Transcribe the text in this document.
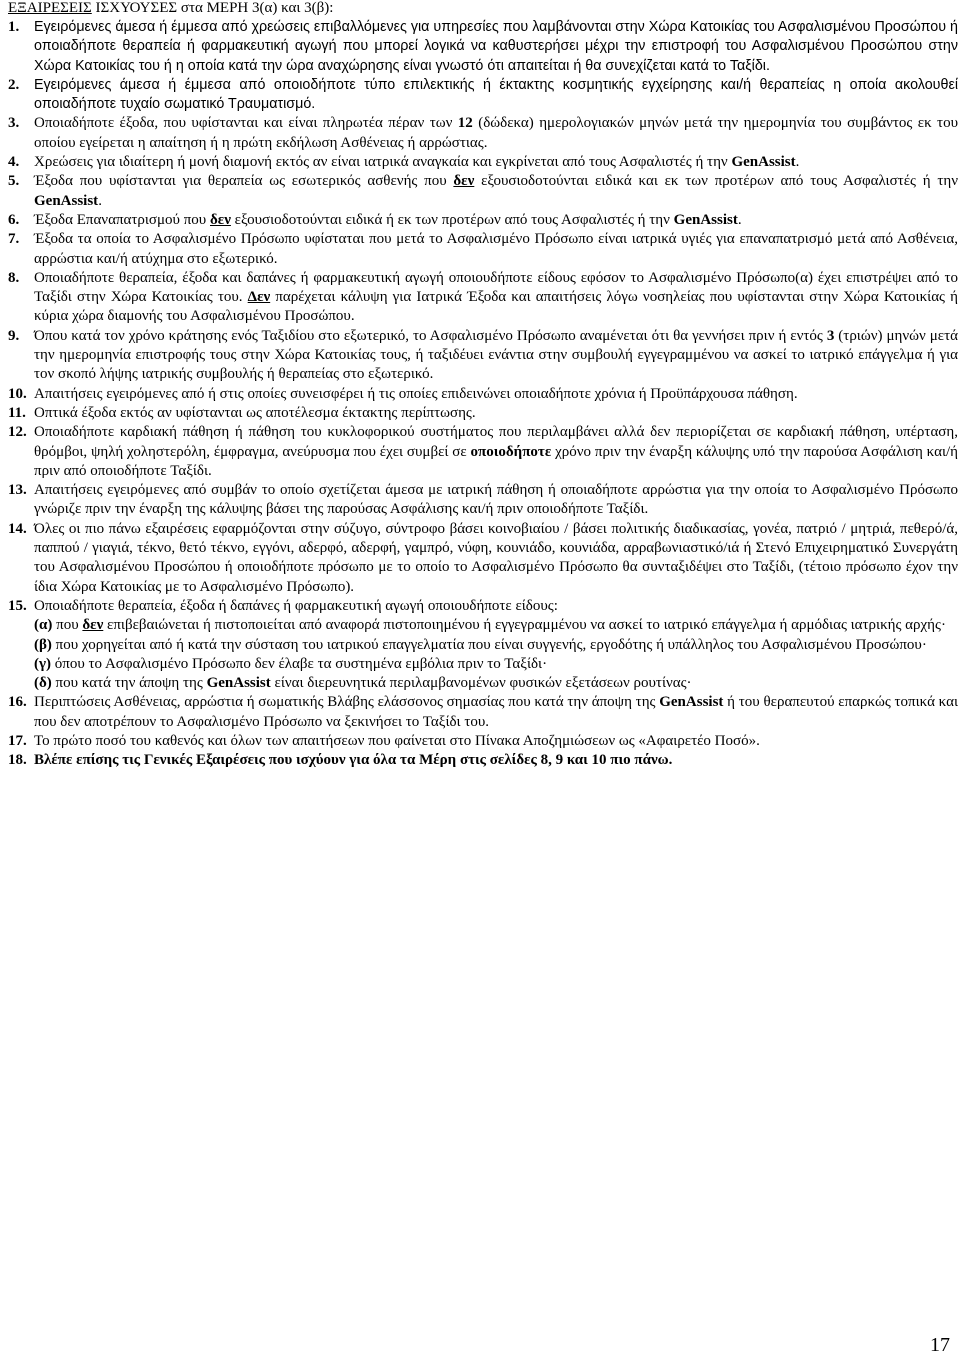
ΕΞΑΙΡΕΣΕΙΣ ΙΣΧΥΟΥΣΕΣ στα ΜΕΡΗ 3(α) και 3(β):
1. Εγειρόμενες άμεσα ή έμμεσα από χρεώσεις επιβαλλόμενες για υπηρεσίες που λαμβάνονται στην Χώρα Κατοικίας του Ασφαλισμένου Προσώπου ή οποιαδήποτε θεραπεία ή φαρμακευτική αγωγή που μπορεί λογικά να καθυστερήσει μέχρι την επιστροφή του Ασφαλισμένου Προσώπου στην Χώρα Κατοικίας του ή η οποία κατά την ώρα αναχώρησης είναι γνωστό ότι απαιτείται ή θα συνεχίζεται κατά το Ταξίδι.

2. Εγειρόμενες άμεσα ή έμμεσα από οποιοδήποτε τύπο επιλεκτικής ή έκτακτης κοσμητικής εγχείρησης και/ή θεραπείας η οποία ακολουθεί οποιαδήποτε τυχαίο σωματικό Τραυματισμό.

3. Οποιαδήποτε έξοδα, που υφίστανται και είναι πληρωτέα πέραν των 12 (δώδεκα) ημερολογιακών μηνών μετά την ημερομηνία του συμβάντος εκ του οποίου εγείρεται η απαίτηση ή η πρώτη εκδήλωση Ασθένειας ή αρρώστιας.

4. Χρεώσεις για ιδιαίτερη ή μονή διαμονή εκτός αν είναι ιατρικά αναγκαία και εγκρίνεται από τους Ασφαλιστές ή την GenAssist.

5. Έξοδα που υφίστανται για θεραπεία ως εσωτερικός ασθενής που δεν εξουσιοδοτούνται ειδικά και εκ των προτέρων από τους Ασφαλιστές ή την GenAssist.

6. Έξοδα Επαναπατρισμού που δεν εξουσιοδοτούνται ειδικά ή εκ των προτέρων από τους Ασφαλιστές ή την GenAssist.

7. Έξοδα τα οποία το Ασφαλισμένο Πρόσωπο υφίσταται που μετά το Ασφαλισμένο Πρόσωπο είναι ιατρικά υγιές για επαναπατρισμό μετά από Ασθένεια, αρρώστια και/ή ατύχημα στο εξωτερικό.

8. Οποιαδήποτε θεραπεία, έξοδα και δαπάνες ή φαρμακευτική αγωγή οποιουδήποτε είδους εφόσον το Ασφαλισμένο Πρόσωπο(α) έχει επιστρέψει από το Ταξίδι στην Χώρα Κατοικίας του. Δεν παρέχεται κάλυψη για Ιατρικά Έξοδα και απαιτήσεις λόγω νοσηλείας που υφίστανται στην Χώρα Κατοικίας ή κύρια χώρα διαμονής του Ασφαλισμένου Προσώπου.

9. Όπου κατά τον χρόνο κράτησης ενός Ταξιδίου στο εξωτερικό, το Ασφαλισμένο Πρόσωπο αναμένεται ότι θα γεννήσει πριν ή εντός 3 (τριών) μηνών μετά την ημερομηνία επιστροφής τους στην Χώρα Κατοικίας τους, ή ταξιδέυει ενάντια στην συμβουλή εγγεγραμμένου να ασκεί το ιατρικό επάγγελμα ή για τον σκοπό λήψης ιατρικής συμβουλής ή θεραπείας στο εξωτερικό.

10. Απαιτήσεις εγειρόμενες από ή στις οποίες συνεισφέρει ή τις οποίες επιδεινώνει οποιαδήποτε χρόνια ή Προϋπάρχουσα πάθηση.

11. Οπτικά έξοδα εκτός αν υφίστανται ως αποτέλεσμα έκτακτης περίπτωσης.

12. Οποιαδήποτε καρδιακή πάθηση ή πάθηση του κυκλοφορικού συστήματος που περιλαμβάνει αλλά δεν περιορίζεται σε καρδιακή πάθηση, υπέρταση, θρόμβοι, ψηλή χοληστερόλη, έμφραγμα, ανεύρυσμα που έχει συμβεί σε οποιοδήποτε χρόνο πριν την έναρξη κάλυψης υπό την παρούσα Ασφάλιση και/ή πριν από οποιοδήποτε Ταξίδι.

13. Απαιτήσεις εγειρόμενες από συμβάν το οποίο σχετίζεται άμεσα με ιατρική πάθηση ή οποιαδήποτε αρρώστια για την οποία το Ασφαλισμένο Πρόσωπο γνώριζε πριν την έναρξη της κάλυψης βάσει της παρούσας Ασφάλισης και/ή πριν οποιοδήποτε Ταξίδι.

14. Όλες οι πιο πάνω εξαιρέσεις εφαρμόζονται στην σύζυγο, σύντροφο βάσει κοινοβιαίου / βάσει πολιτικής διαδικασίας, γονέα, πατριό / μητριά, πεθερό/ά, παππού / γιαγιά, τέκνο, θετό τέκνο, εγγόνι, αδερφό, αδερφή, γαμπρό, νύφη, κουνιάδο, κουνιάδα, αρραβωνιαστικό/ιά ή Στενό Επιχειρηματικό Συνεργάτη του Ασφαλισμένου Προσώπου ή οποιοδήποτε πρόσωπο με το οποίο το Ασφαλισμένο Πρόσωπο θα συνταξιδέψει στο Ταξίδι, (τέτοιο πρόσωπο έχον την ίδια Χώρα Κατοικίας με το Ασφαλισμένο Πρόσωπο).

15. Οποιαδήποτε θεραπεία, έξοδα ή δαπάνες ή φαρμακευτική αγωγή οποιουδήποτε είδους:

(α) που δεν επιβεβαιώνεται ή πιστοποιείται από αναφορά πιστοποιημένου ή εγγεγραμμένου να ασκεί το ιατρικό επάγγελμα ή αρμόδιας ιατρικής αρχής·

(β) που χορηγείται από ή κατά την σύσταση του ιατρικού επαγγελματία που είναι συγγενής, εργοδότης ή υπάλληλος του Ασφαλισμένου Προσώπου·

(γ) όπου το Ασφαλισμένο Πρόσωπο δεν έλαβε τα συστημένα εμβόλια πριν το Ταξίδι·

(δ) που κατά την άποψη της GenAssist είναι διερευνητικά περιλαμβανομένων φυσικών εξετάσεων ρουτίνας·

16. Περιπτώσεις Ασθένειας, αρρώστια ή σωματικής Βλάβης ελάσσονος σημασίας που κατά την άποψη της GenAssist ή του θεραπευτού επαρκώς τοπικά και που δεν αποτρέπουν το Ασφαλισμένο Πρόσωπο να ξεκινήσει το Ταξίδι του.

17. Το πρώτο ποσό του καθενός και όλων των απαιτήσεων που φαίνεται στο Πίνακα Αποζημιώσεων ως «Αφαιρετέο Ποσό».

18. Βλέπε επίσης τις Γενικές Εξαιρέσεις που ισχύουν για όλα τα Μέρη στις σελίδες 8, 9 και 10 πιο πάνω.

17
